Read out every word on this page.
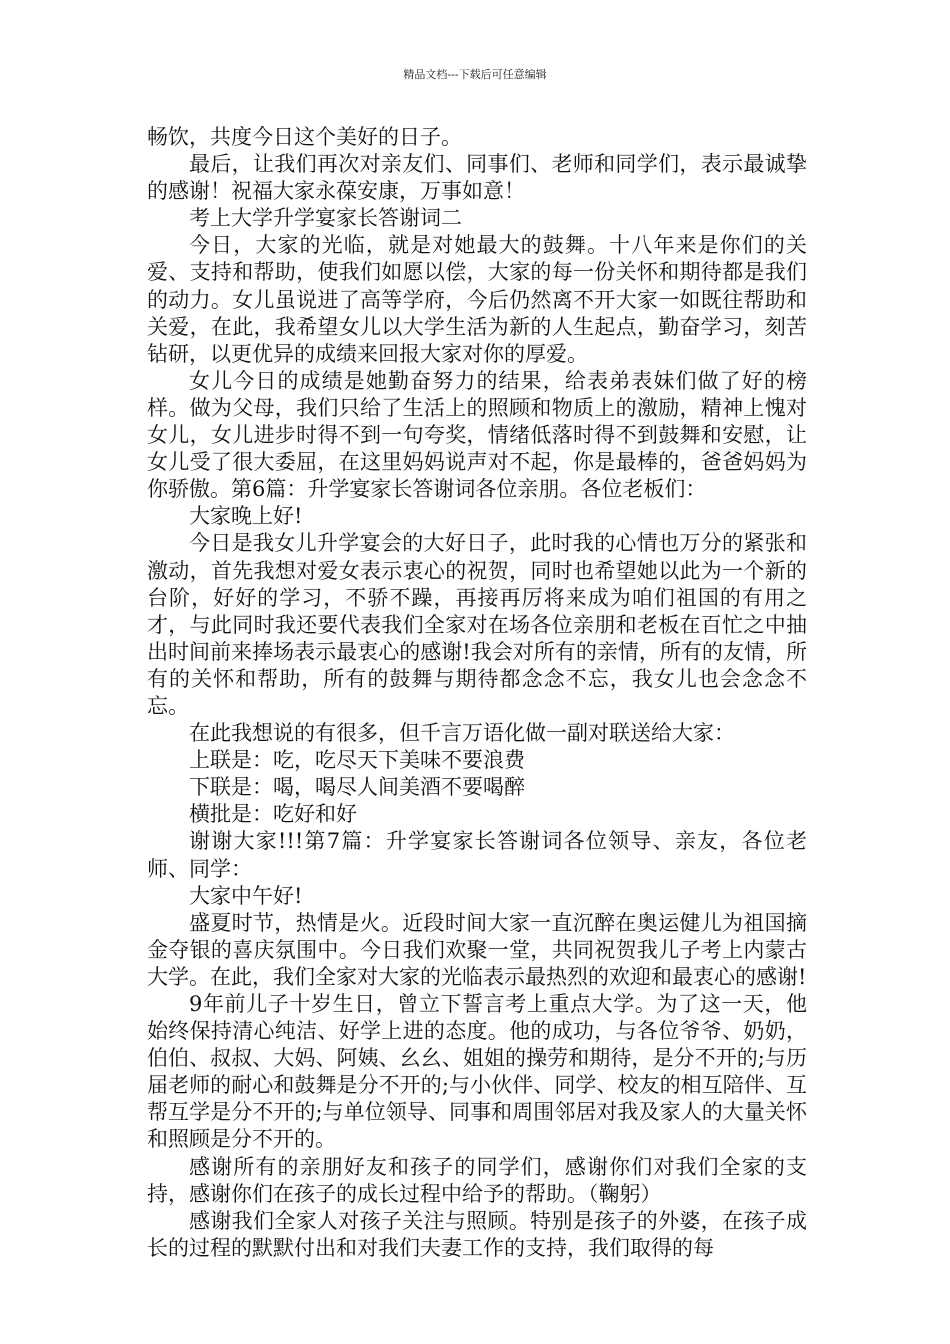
精品文档---下载后可任意编辑

畅饮，共度今日这个美好的日子。

最后，让我们再次对亲友们、同事们、老师和同学们，表示最诚挚的感谢！祝福大家永葆安康，万事如意！

考上大学升学宴家长答谢词二

今日，大家的光临，就是对她最大的鼓舞。十八年来是你们的关爱、支持和帮助，使我们如愿以偿，大家的每一份关怀和期待都是我们的动力。女儿虽说进了高等学府，今后仍然离不开大家一如既往帮助和关爱，在此，我希望女儿以大学生活为新的人生起点，勤奋学习，刻苦钻研，以更优异的成绩来回报大家对你的厚爱。

女儿今日的成绩是她勤奋努力的结果，给表弟表妹们做了好的榜样。做为父母，我们只给了生活上的照顾和物质上的激励，精神上愧对女儿，女儿进步时得不到一句夸奖，情绪低落时得不到鼓舞和安慰，让女儿受了很大委屈，在这里妈妈说声对不起，你是最棒的，爸爸妈妈为你骄傲。第6篇：升学宴家长答谢词各位亲朋。各位老板们：

大家晚上好!

今日是我女儿升学宴会的大好日子，此时我的心情也万分的紧张和激动，首先我想对爱女表示衷心的祝贺，同时也希望她以此为一个新的台阶，好好的学习，不骄不躁，再接再厉将来成为咱们祖国的有用之才，与此同时我还要代表我们全家对在场各位亲朋和老板在百忙之中抽出时间前来捧场表示最衷心的感谢!我会对所有的亲情，所有的友情，所有的关怀和帮助，所有的鼓舞与期待都念念不忘，我女儿也会念念不忘。

在此我想说的有很多，但千言万语化做一副对联送给大家：

上联是：吃，吃尽天下美味不要浪费

下联是：喝，喝尽人间美酒不要喝醉

横批是：吃好和好

谢谢大家!!!第7篇：升学宴家长答谢词各位领导、亲友，各位老师、同学：

大家中午好!

盛夏时节，热情是火。近段时间大家一直沉醉在奥运健儿为祖国摘金夺银的喜庆氛围中。今日我们欢聚一堂，共同祝贺我儿子考上内蒙古大学。在此，我们全家对大家的光临表示最热烈的欢迎和最衷心的感谢!

9年前儿子十岁生日，曾立下誓言考上重点大学。为了这一天，他始终保持清心纯洁、好学上进的态度。他的成功，与各位爷爷、奶奶，伯伯、叔叔、大妈、阿姨、幺幺、姐姐的操劳和期待，是分不开的;与历届老师的耐心和鼓舞是分不开的;与小伙伴、同学、校友的相互陪伴、互帮互学是分不开的;与单位领导、同事和周围邻居对我及家人的大量关怀和照顾是分不开的。

感谢所有的亲朋好友和孩子的同学们，感谢你们对我们全家的支持，感谢你们在孩子的成长过程中给予的帮助。（鞠躬）

感谢我们全家人对孩子关注与照顾。特别是孩子的外婆，在孩子成长的过程的默默付出和对我们夫妻工作的支持，我们取得的每
